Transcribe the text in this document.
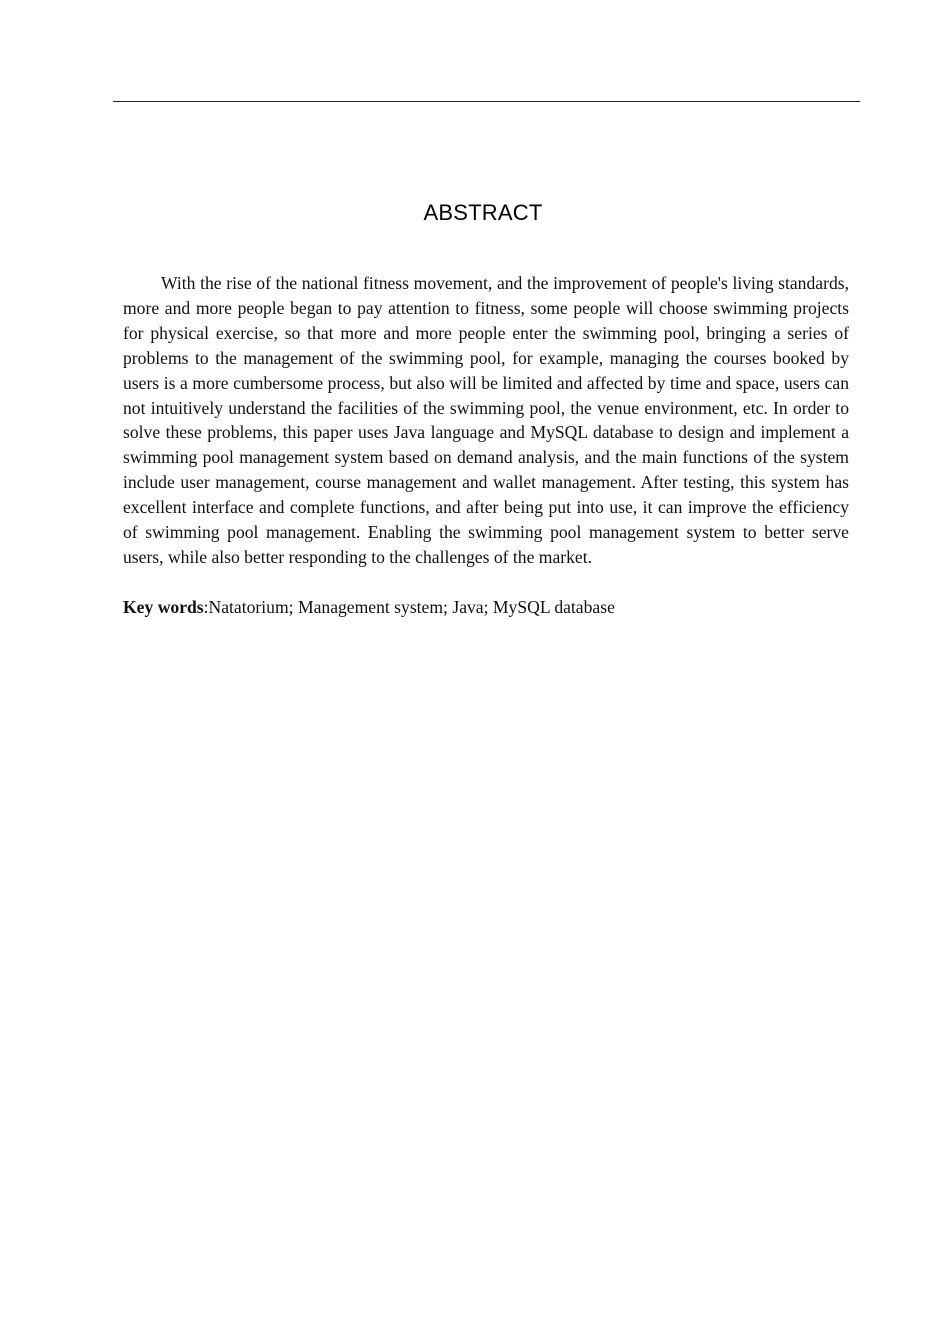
ABSTRACT

With the rise of the national fitness movement, and the improvement of people's living standards, more and more people began to pay attention to fitness, some people will choose swimming projects for physical exercise, so that more and more people enter the swimming pool, bringing a series of problems to the management of the swimming pool, for example, managing the courses booked by users is a more cumbersome process, but also will be limited and affected by time and space, users can not intuitively understand the facilities of the swimming pool, the venue environment, etc. In order to solve these problems, this paper uses Java language and MySQL database to design and implement a swimming pool management system based on demand analysis, and the main functions of the system include user management, course management and wallet management. After testing, this system has excellent interface and complete functions, and after being put into use, it can improve the efficiency of swimming pool management. Enabling the swimming pool management system to better serve users, while also better responding to the challenges of the market.

Key words:Natatorium; Management system; Java; MySQL database
